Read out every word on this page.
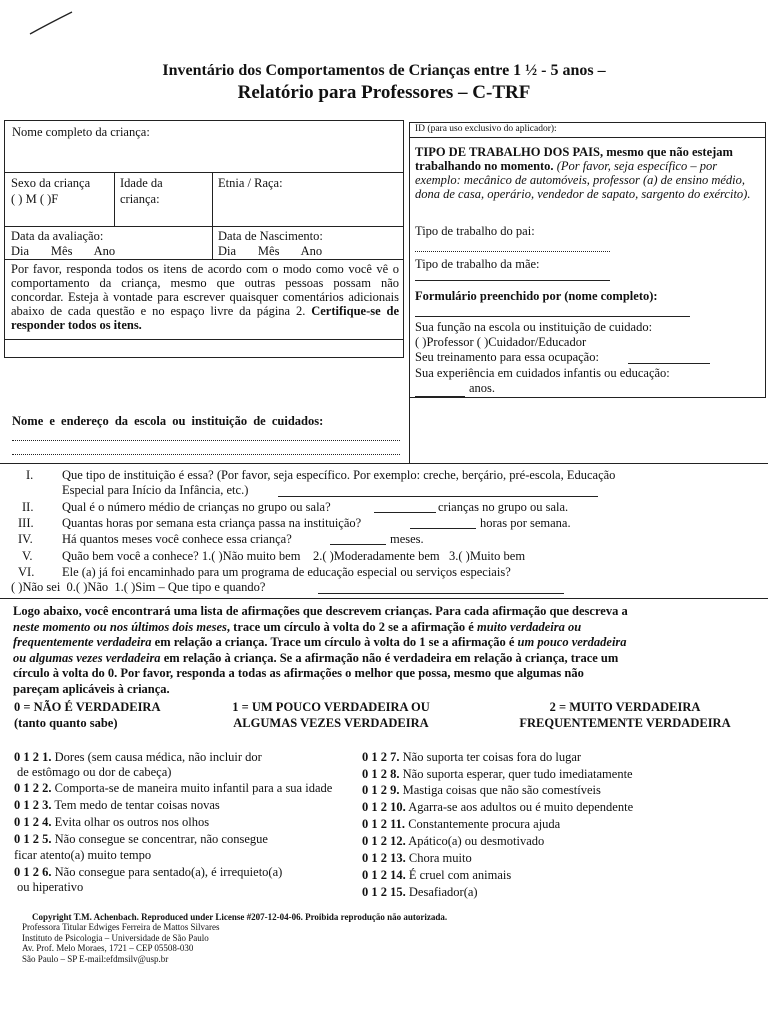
Inventário dos Comportamentos de Crianças entre 1 ½ - 5 anos –
Relatório para Professores – C-TRF
Nome completo da criança:
Sexo da criança
( ) M ( )F
Idade da
criança:
Etnia / Raça:
Data da avaliação:
Dia       Mês       Ano
Data de Nascimento:
Dia       Mês       Ano
Por favor, responda todos os itens de acordo com o modo como você vê o comportamento da criança, mesmo que outras pessoas possam não concordar. Esteja à vontade para escrever quaisquer comentários adicionais abaixo de cada questão e no espaço livre da página 2. Certifique-se de responder todos os itens.
ID (para uso exclusivo do aplicador):
TIPO DE TRABALHO DOS PAIS, mesmo que não estejam trabalhando no momento. (Por favor, seja específico – por exemplo: mecânico de automóveis, professor (a) de ensino médio, dona de casa, operário, vendedor de sapato, sargento do exército).
Tipo de trabalho do pai:
Tipo de trabalho da mãe:
Formulário preenchido por (nome completo):
Sua função na escola ou instituição de cuidado:
( )Professor ( )Cuidador/Educador
Seu treinamento para essa ocupação:
Sua experiência em cuidados infantis ou educação:
anos.
Nome e endereço da escola ou instituição de cuidados:
I. Que tipo de instituição é essa? (Por favor, seja específico. Por exemplo: creche, berçário, pré-escola, Educação
Especial para Início da Infância, etc.)
II. Qual é o número médio de crianças no grupo ou sala?	crianças no grupo ou sala.
III. Quantas horas por semana esta criança passa na instituição?	horas por semana.
IV. Há quantos meses você conhece essa criança?	meses.
V. Quão bem você a conhece? 1.( )Não muito bem    2.( )Moderadamente bem   3.( )Muito bem
VI. Ele (a) já foi encaminhado para um programa de educação especial ou serviços especiais?
( )Não sei  0.( )Não  1.( )Sim – Que tipo e quando?
Logo abaixo, você encontrará uma lista de afirmações que descrevem crianças. Para cada afirmação que descreva a
neste momento ou nos últimos dois meses, trace um círculo à volta do 2 se a afirmação é muito verdadeira ou
frequentemente verdadeira em relação a criança. Trace um círculo à volta do 1 se a afirmação é um pouco verdadeira
ou algumas vezes verdadeira em relação à criança. Se a afirmação não é verdadeira em relação à criança, trace um
círculo à volta do 0. Por favor, responda a todas as afirmações o melhor que possa, mesmo que algumas não
pareçam aplicáveis à criança.
0 = NÃO É VERDADEIRA
(tanto quanto sabe)
1 = UM POUCO VERDADEIRA OU
ALGUMAS VEZES VERDADEIRA
2 = MUITO VERDADEIRA
FREQUENTEMENTE VERDADEIRA
0 1 2 1. Dores (sem causa médica, não incluir dor
de estômago ou dor de cabeça)
0 1 2 2. Comporta-se de maneira muito infantil para a sua idade
0 1 2 3. Tem medo de tentar coisas novas
0 1 2 4. Evita olhar os outros nos olhos
0 1 2 5. Não consegue se concentrar, não consegue
ficar atento(a) muito tempo
0 1 2 6. Não consegue para sentado(a), é irrequieto(a)
ou hiperativo
0 1 2 7. Não suporta ter coisas fora do lugar
0 1 2 8. Não suporta esperar, quer tudo imediatamente
0 1 2 9. Mastiga coisas que não são comestíveis
0 1 2 10. Agarra-se aos adultos ou é muito dependente
0 1 2 11. Constantemente procura ajuda
0 1 2 12. Apático(a) ou desmotivado
0 1 2 13. Chora muito
0 1 2 14. É cruel com animais
0 1 2 15. Desafiador(a)
Copyright T.M. Achenbach. Reproduced under License #207-12-04-06. Proibida reprodução não autorizada.
Professora Titular Edwiges Ferreira de Mattos Silvares
Instituto de Psicologia – Universidade de São Paulo
Av. Prof. Melo Moraes, 1721 – CEP 05508-030
São Paulo – SP E-mail:efdmsilv@usp.br
